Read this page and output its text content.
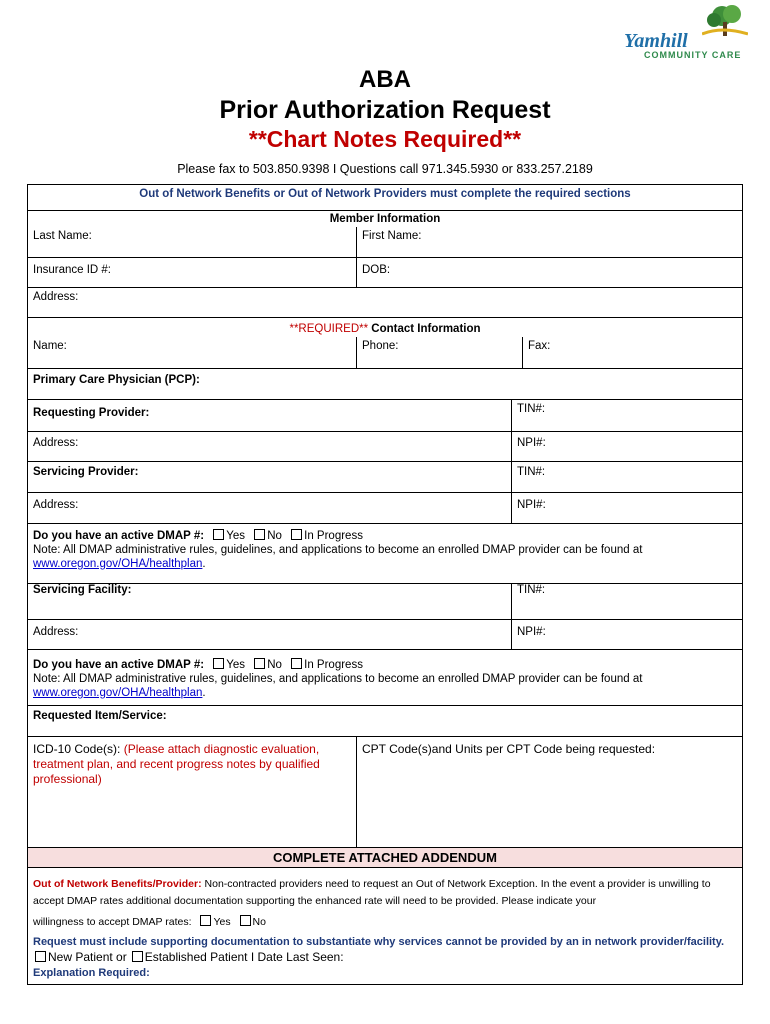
Yamhill
COMMUNITY CARE
ABA
Prior Authorization Request
**Chart Notes Required**
Please fax to 503.850.9398 I Questions call 971.345.5930 or 833.257.2189
Out of Network Benefits or Out of Network Providers must complete the required sections
Member Information
Last Name:	First Name:
Insurance ID #:	DOB:
Address:
**REQUIRED** Contact Information
Name:	Phone:	Fax:
Primary Care Physician (PCP):
Requesting Provider:	TIN#:
Address:	NPI#:
Servicing Provider:	TIN#:
Address:	NPI#:
Do you have an active DMAP #: Yes No In Progress
Note: All DMAP administrative rules, guidelines, and applications to become an enrolled DMAP provider can be found at
www.oregon.gov/OHA/healthplan.
Servicing Facility:	TIN#:
Address:	NPI#:
Do you have an active DMAP #: Yes No In Progress
Note: All DMAP administrative rules, guidelines, and applications to become an enrolled DMAP provider can be found at
www.oregon.gov/OHA/healthplan.
Requested Item/Service:
ICD-10 Code(s): (Please attach diagnostic evaluation, treatment plan, and recent progress notes by qualified professional)
CPT Code(s)and Units per CPT Code being requested:
COMPLETE ATTACHED ADDENDUM
Out of Network Benefits/Provider: Non-contracted providers need to request an Out of Network Exception. In the event a provider is unwilling to accept DMAP rates additional documentation supporting the enhanced rate will need to be provided. Please indicate your
willingness to accept DMAP rates: Yes No
Request must include supporting documentation to substantiate why services cannot be provided by an in network provider/facility. New Patient or Established Patient I Date Last Seen:
Explanation Required:
